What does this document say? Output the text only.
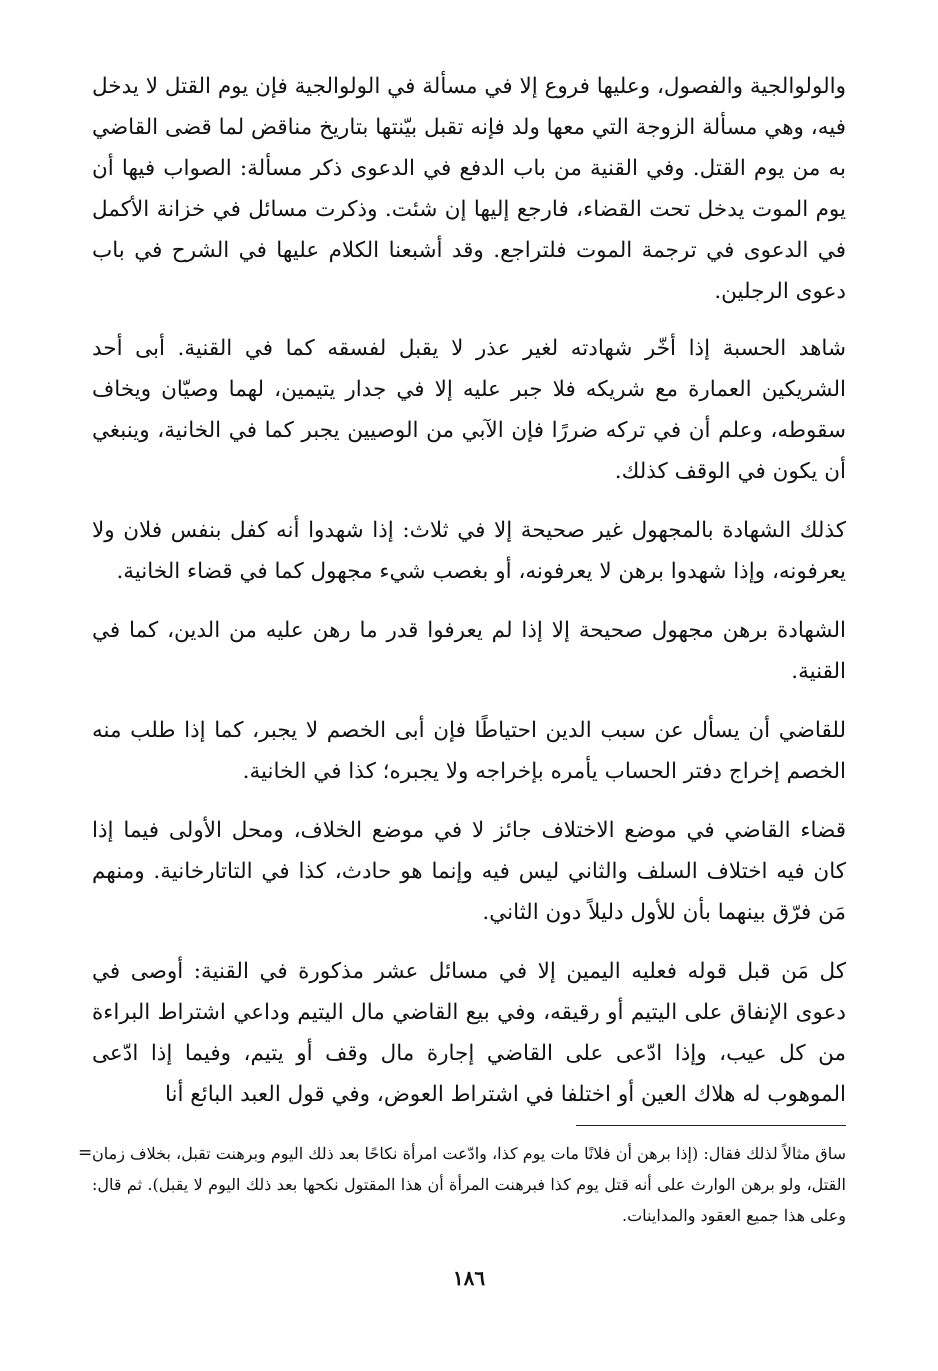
والولوالجية والفصول، وعليها فروع إلا في مسألة في الولوالجية فإن يوم القتل لا يدخل فيه، وهي مسألة الزوجة التي معها ولد فإنه تقبل بيّنتها بتاريخ مناقض لما قضى القاضي به من يوم القتل. وفي القنية من باب الدفع في الدعوى ذكر مسألة: الصواب فيها أن يوم الموت يدخل تحت القضاء، فارجع إليها إن شئت. وذكرت مسائل في خزانة الأكمل في الدعوى في ترجمة الموت فلتراجع. وقد أشبعنا الكلام عليها في الشرح في باب دعوى الرجلين.

شاهد الحسبة إذا أخّر شهادته لغير عذر لا يقبل لفسقه كما في القنية. أبى أحد الشريكين العمارة مع شريكه فلا جبر عليه إلا في جدار يتيمين، لهما وصيّان ويخاف سقوطه، وعلم أن في تركه ضررًا فإن الآبي من الوصيين يجبر كما في الخانية، وينبغي أن يكون في الوقف كذلك.

كذلك الشهادة بالمجهول غير صحيحة إلا في ثلاث: إذا شهدوا أنه كفل بنفس فلان ولا يعرفونه، وإذا شهدوا برهن لا يعرفونه، أو بغصب شيء مجهول كما في قضاء الخانية.

الشهادة برهن مجهول صحيحة إلا إذا لم يعرفوا قدر ما رهن عليه من الدين، كما في القنية.

للقاضي أن يسأل عن سبب الدين احتياطًا فإن أبى الخصم لا يجبر، كما إذا طلب منه الخصم إخراج دفتر الحساب يأمره بإخراجه ولا يجبره؛ كذا في الخانية.

قضاء القاضي في موضع الاختلاف جائز لا في موضع الخلاف، ومحل الأولى فيما إذا كان فيه اختلاف السلف والثاني ليس فيه وإنما هو حادث، كذا في التاتارخانية. ومنهم مَن فرّق بينهما بأن للأول دليلاً دون الثاني.

كل مَن قبل قوله فعليه اليمين إلا في مسائل عشر مذكورة في القنية: أوصى في دعوى الإنفاق على اليتيم أو رقيقه، وفي بيع القاضي مال اليتيم وداعي اشتراط البراءة من كل عيب، وإذا ادّعى على القاضي إجارة مال وقف أو يتيم، وفيما إذا ادّعى الموهوب له هلاك العين أو اختلفا في اشتراط العوض، وفي قول العبد البائع أنا

= ساق مثالاً لذلك فقال: (إذا برهن أن فلانًا مات يوم كذا، وادّعت امرأة نكاحًا بعد ذلك اليوم وبرهنت تقبل، بخلاف زمان القتل، ولو برهن الوارث على أنه قتل يوم كذا فبرهنت المرأة أن هذا المقتول نكحها بعد ذلك اليوم لا يقبل). ثم قال: وعلى هذا جميع العقود والمداينات.
١٨٦
